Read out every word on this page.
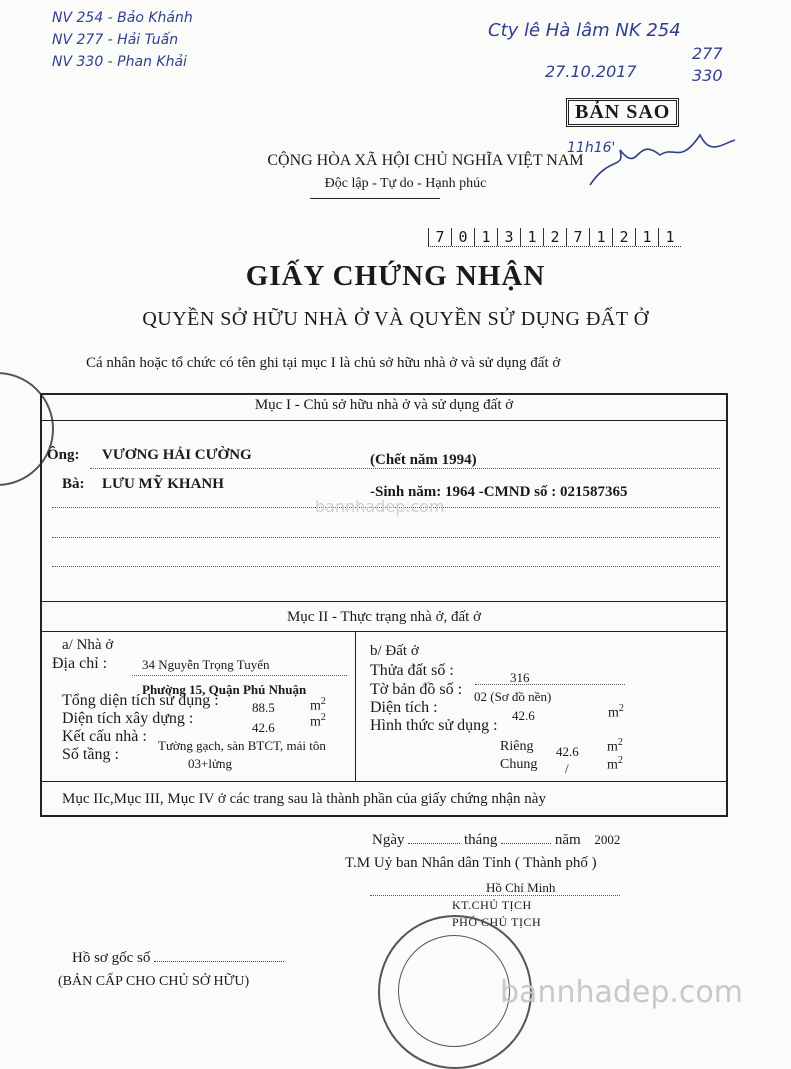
NV 254 - Bảo Khánh
NV 277 - Hải Tuấn
NV 330 - Phan Khải
Cty lê Hà lâm NK 254
277
330
27.10.2017
11h16'
BẢN SAO
CỘNG HÒA XÃ HỘI CHỦ NGHĨA VIỆT NAM
Độc lập - Tự do - Hạnh phúc
7 0 1 3 1 2 7 1 2 1 1
GIẤY CHỨNG NHẬN
QUYỀN SỞ HỮU NHÀ Ở VÀ QUYỀN SỬ DỤNG ĐẤT Ở
Cá nhân hoặc tổ chức có tên ghi tại mục I là chủ sở hữu nhà ở và sử dụng đất ở
Mục I - Chủ sở hữu nhà ở và sử dụng đất ở
Ông: VƯƠNG HẢI CƯỜNG	(Chết năm 1994)
Bà: LƯU MỸ KHANH	-Sinh năm: 1964 -CMND số : 021587365
bannhadep.com
Mục II - Thực trạng nhà ở, đất ở
a/ Nhà ở
Địa chỉ :	34 Nguyễn Trọng Tuyển
Phường 15, Quận Phú Nhuận
Tổng diện tích sử dụng :	88.5	$m^2$
Diện tích xây dựng :
42.6	$m^2$
Kết cấu nhà :
Tường gạch, sàn BTCT, mái tôn
Số tầng :
03+lửng
b/ Đất ở
Thửa đất số :	316
Tờ bản đồ số : 02 (Sơ đồ nền)
Diện tích :	42.6	$m^2$
Hình thức sử dụng :
Riêng 42.6 $m^2$
Chung /	$m^2$
Mục IIc,Mục III, Mục IV ở các trang sau là thành phần của giấy chứng nhận này
Ngày	tháng	năm 2002
T.M Uỷ ban Nhân dân Tỉnh ( Thành phố )
Hồ Chí Minh
KT.CHỦ TỊCH
PHÓ CHỦ TỊCH
Hồ sơ gốc số
(BẢN CẤP CHO CHỦ SỞ HỮU)	bannhadep.com
